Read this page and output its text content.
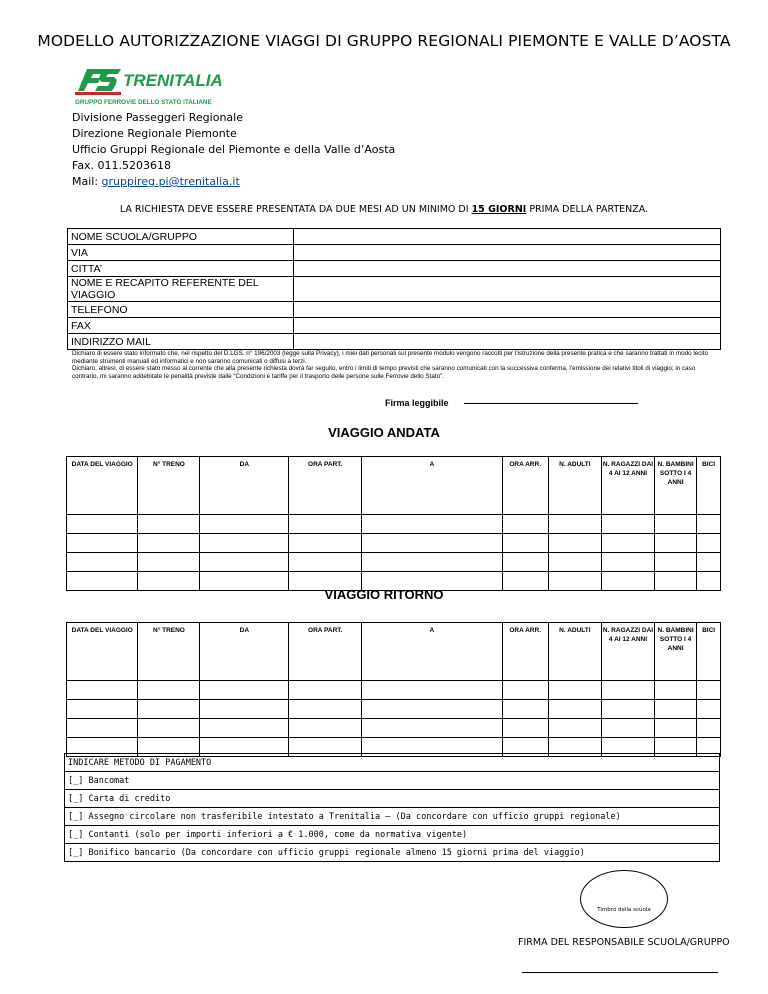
MODELLO AUTORIZZAZIONE VIAGGI DI GRUPPO REGIONALI PIEMONTE E VALLE D’AOSTA
TRENITALIA
GRUPPO FERROVIE DELLO STATO ITALIANE
Divisione Passeggeri Regionale
Direzione Regionale Piemonte
Ufficio Gruppi Regionale del Piemonte e della Valle d’Aosta
Fax. 011.5203618
Mail: gruppireg.pi@trenitalia.it
LA RICHIESTA DEVE ESSERE PRESENTATA DA DUE MESI AD UN MINIMO DI 15 GIORNI PRIMA DELLA PARTENZA.
NOME SCUOLA/GRUPPO	
VIA	
CITTA’	
NOME E RECAPITO REFERENTE DEL VIAGGIO	
TELEFONO	
FAX	
INDIRIZZO MAIL	
Dichiaro di essere stato informato che, nel rispetto del D.LGS. n° 196/2003 (legge sulla Privacy), i miei dati personali sul presente modulo vengono raccolti per l’istruzione della presente pratica e che saranno trattati in modo lecito mediante strumenti manuali ed informatici e non saranno comunicati o diffusi a terzi.
Dichiaro, altresì, di essere stato messo al corrente che alla presente richiesta dovrà far seguito, entro i limiti di tempo previsti che saranno comunicati con la successiva conferma, l’emissione dei relativi titoli di viaggio; in caso contrario, mi saranno addebitate le penalità previste dalle “Condizioni e tariffe per il trasporto delle persone sulle Ferrovie dello Stato”.
Firma leggibile
VIAGGIO ANDATA
DATA DEL VIAGGIO	N° TRENO	DA	ORA PART.	A	ORA ARR.	N. ADULTI	N. RAGAZZI DAI 4 AI 12 ANNI	N. BAMBINI SOTTO I 4 ANNI	BICI

VIAGGIO RITORNO
DATA DEL VIAGGIO	N° TRENO	DA	ORA PART.	A	ORA ARR.	N. ADULTI	N. RAGAZZI DAI 4 AI 12 ANNI	N. BAMBINI SOTTO I 4 ANNI	BICI

INDICARE METODO DI PAGAMENTO
[_] Bancomat
[_] Carta di credito
[_] Assegno circolare non trasferibile intestato a Trenitalia – (Da concordare con ufficio gruppi regionale)
[_] Contanti (solo per importi inferiori a € 1.000, come da normativa vigente)
[_] Bonifico bancario (Da concordare con ufficio gruppi regionale almeno 15 giorni prima del viaggio)
Timbro della scuola
FIRMA DEL RESPONSABILE SCUOLA/GRUPPO
